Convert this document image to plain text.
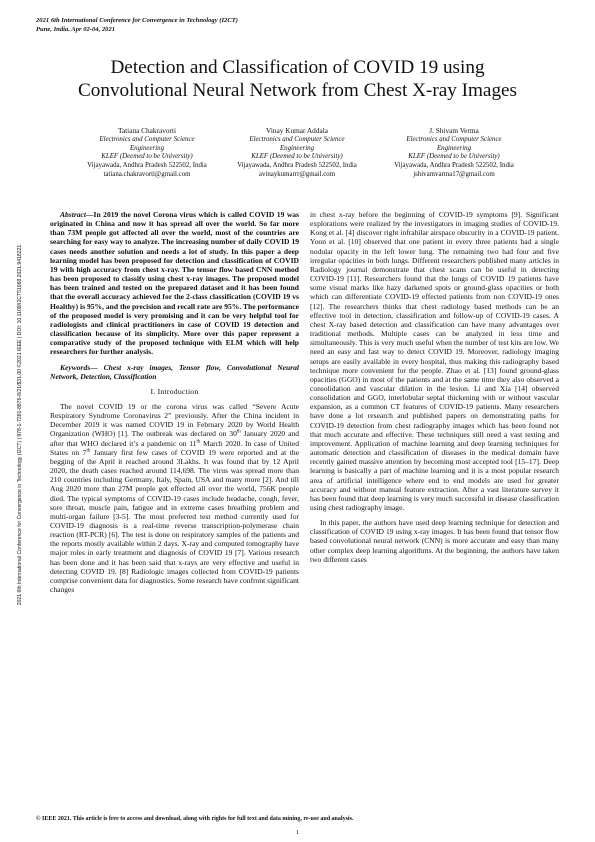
2021 6th International Conference for Convergence in Technology (I2CT)
Pune, India. Apr 02-04, 2021
Detection and Classification of COVID 19 using
Convolutional Neural Network from Chest X-ray Images
Tatiana Chakravorti
Electronics and Computer Science
Engineering
KLEF (Deemed to be University)
Vijayawada, Andhra Pradesh 522502, India
tatiana.chakravorti@gmail.com
Vinay Kumar Addala
Electronics and Computer Science
Engineering
KLEF (Deemed to be University)
Vijayawada, Andhra Pradesh 522502, India
avinaykumarrr@gmail.com
J. Shivam Verma
Electronics and Computer Science
Engineering
KLEF (Deemed to be University)
Vijayawada, Andhra Pradesh 522502, India
jshivamvarma17@gmail.com
2021 6th International Conference for Convergence in Technology (I2CT) | 978-1-7281-8876-8/21/$31.00 ©2021 IEEE | DOI: 10.1109/I2CT51068.2021.9418221

Abstract—In 2019 the novel Corona virus which is called COVID 19 was originated in China and now it has spread all over the world. So far more than 73M people got affected all over the world, most of the countries are searching for easy way to analyze. The increasing number of daily COVID 19 cases needs another solution and needs a lot of study. In this paper a deep learning model has been proposed for detection and classification of COVID 19 with high accuracy from chest x-ray. The tensor flow based CNN method has been proposed to classify using chest x-ray images. The proposed model has been trained and tested on the prepared dataset and it has been found that the overall accuracy achieved for the 2-class classification (COVID 19 vs Healthy) is 95%, and the precision and recall rate are 95%. The performance of the proposed model is very promising and it can be very helpful tool for radiologists and clinical practitioners in case of COVID 19 detection and classification because of its simplicity. More over this paper represent a comparative study of the proposed technique with ELM which will help researchers for further analysis.

Keywords— Chest x-ray images, Tensor flow, Convolutional Neural Network, Detection, Classification

I. Introduction

The novel COVID 19 or the corona virus was called “Severe Acute Respiratory Syndrome Coronavirus 2” previously. After the China incident in December 2019 it was named COVID 19 in February 2020 by World Health Organization (WHO) [1]. The outbreak was declared on 30th January 2020 and after that WHO declared it’s a pandemic on 11th March 2020. In case of United States on 7th January first few cases of COVID 19 were reported and at the begging of the April it reached around 3Lakhs. It was found that by 12 April 2020, the death cases reached around 114,698. The virus was spread more than 210 countries including Germany, Italy, Spain, USA and many more [2]. And till Aug 2020 more than 27M people got effected all over the world, 756K people died. The typical symptoms of COVID-19 cases include headache, cough, fever, sore throat, muscle pain, fatigue and in extreme cases breathing problem and multi-organ failure [3-5]. The most preferred test method currently used for COVID-19 diagnosis is a real-time reverse transcription-polymerase chain reaction (RT-PCR) [6]. The test is done on respiratory samples of the patients and the reports mostly available within 2 days. X-ray and computed tomography have major roles in early treatment and diagnosis of COVID 19 [7]. Various research has been done and it has been said that x-rays are very effective and useful in detecting COVID 19. [8] Radiologic images collected from COVID-19 patients comprise convenient data for diagnostics. Some research have confront significant changes

in chest x-ray before the beginning of COVID-19 symptoms [9]. Significant explorations were realized by the investigators in imaging studies of COVID-19. Kong et al. [4] discover right infrahilar airspace obscurity in a COVID-19 patient. Yoon et al. [10] observed that one patient in every three patients had a single nodular opacity in the left lower lung. The remaining two had four and five irregular opacities in both lungs. Different researchers published many articles in Radiology journal demonstrate that chest scans can be useful in detecting COVID-19 [11]. Researchers found that the lungs of COVID 19 patients have some visual marks like hazy darkened spots or ground-glass opacities or both which can differentiate COVID-19 effected patients from non COVID-19 ones [12]. The researchers thinks that chest radiology based methods can be an effective tool in detection, classification and follow-up of COVID-19 cases. A chest X-ray based detection and classification can have many advantages over traditional methods. Multiple cases can be analyzed in less time and simultaneously. This is very much useful when the number of test kits are low. We need an easy and fast way to detect COVID 19. Moreover, radiology imaging setups are easily available in every hospital, thus making this radiography based technique more convenient for the people. Zhao et al. [13] found ground-glass opacities (GGO) in most of the patients and at the same time they also observed a consolidation and vascular dilation in the lesion. Li and Xia [14] observed consolidation and GGO, interlobular septal thickening with or without vascular expansion, as a common CT features of COVID-19 patients. Many researchers have done a lot research and published papers on demonstrating paths for COVID-19 detection from chest radiography images which has been found not that much accurate and effective. These techniques still need a vast testing and improvement. Application of machine learning and deep learning techniques for automatic detection and classification of diseases in the medical domain have recently gained massive attention by becoming most accepted tool [15–17]. Deep learning is basically a part of machine learning and it is a most popular research area of artificial intelligence where end to end models are used for greater accuracy and without manual feature extraction. After a vast literature survey it has been found that deep learning is very much successful in disease classification using chest radiography image.

In this paper, the authors have used deep learning technique for detection and classification of COVID 19 using x-ray images. It has been found that tensor flow based convolutional neural network (CNN) is more accurate and easy than many other complex deep learning algorithms. At the beginning, the authors have taken two different cases

© IEEE 2021. This article is free to access and download, along with rights for full text and data mining, re-use and analysis.
1
